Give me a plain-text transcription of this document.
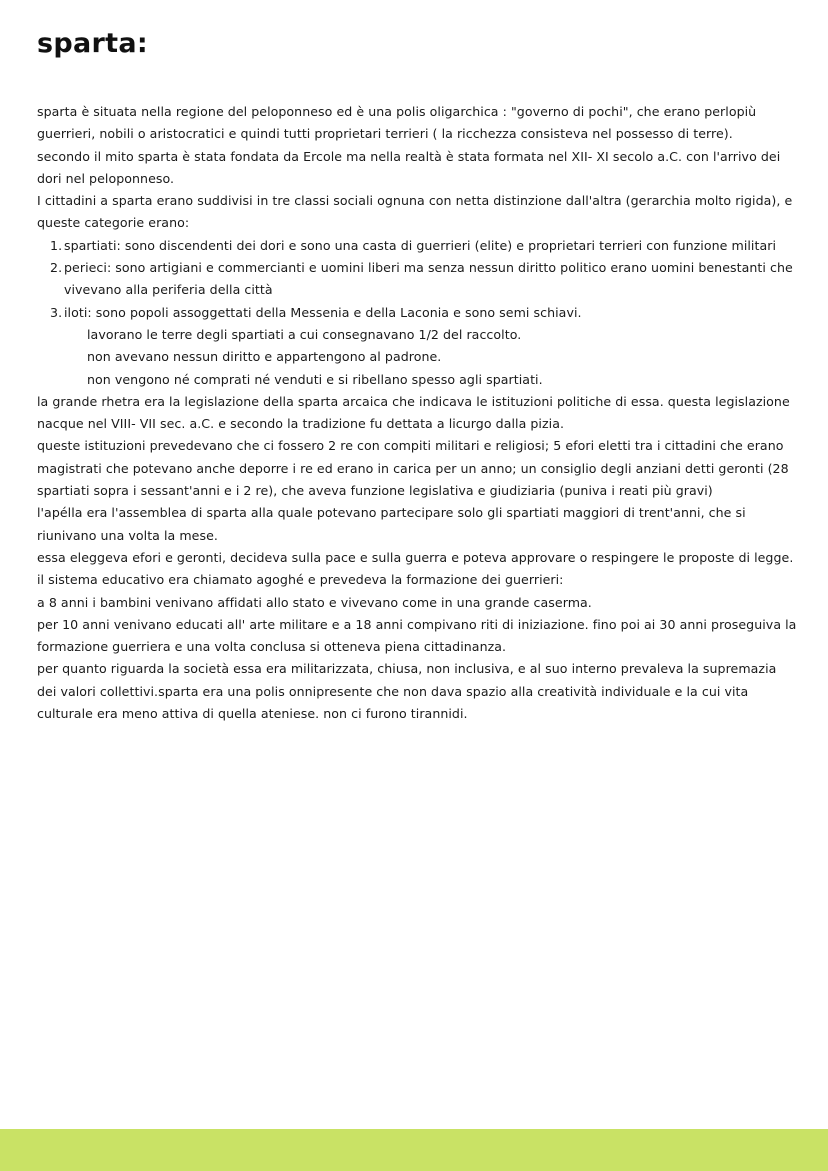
sparta:

sparta è situata nella regione del peloponneso ed è una polis oligarchica : "governo di pochi", che erano perlopiù guerrieri, nobili o aristocratici e quindi tutti proprietari terrieri ( la ricchezza consisteva nel possesso di terre).

secondo il mito sparta è stata fondata da Ercole ma nella realtà è stata formata nel XII- XI secolo a.C. con l'arrivo dei dori nel peloponneso.

I cittadini a sparta erano suddivisi in tre classi sociali ognuna con netta distinzione dall'altra (gerarchia molto rigida), e queste categorie erano:

1. spartiati: sono discendenti dei dori e sono una casta di guerrieri (elite) e proprietari terrieri con funzione militari
2. perieci: sono artigiani e commercianti e uomini liberi ma senza nessun diritto politico erano uomini benestanti che vivevano alla periferia della città
3. iloti: sono popoli assoggettati della Messenia e della Laconia e sono semi schiavi.

lavorano le terre degli spartiati a cui consegnavano 1/2 del raccolto.

non avevano nessun diritto e appartengono al padrone.

non vengono né comprati né venduti e si ribellano spesso agli spartiati.

la grande rhetra era la legislazione della sparta arcaica che indicava le istituzioni politiche di essa. questa legislazione nacque nel VIII- VII sec. a.C. e secondo la tradizione fu dettata a licurgo dalla pizia.

queste istituzioni prevedevano che ci fossero 2 re con compiti militari e religiosi; 5 efori eletti tra i cittadini che erano magistrati che potevano anche deporre i re ed erano in carica per un anno; un consiglio degli anziani detti geronti (28 spartiati sopra i sessant'anni e i 2 re), che aveva funzione legislativa e giudiziaria (puniva i reati più gravi)

l'apélla era l'assemblea di sparta alla quale potevano partecipare solo gli spartiati maggiori di trent'anni, che si riunivano una volta la mese.

essa eleggeva efori e geronti, decideva sulla pace e sulla guerra e poteva approvare o respingere le proposte di legge.

il sistema educativo era chiamato agoghé e prevedeva la formazione dei guerrieri:

a 8 anni i bambini venivano affidati allo stato e vivevano come in una grande caserma.

per 10 anni venivano educati all' arte militare e a 18 anni compivano riti di iniziazione. fino poi ai 30 anni proseguiva la formazione guerriera e una volta conclusa si otteneva piena cittadinanza.

per quanto riguarda la società essa era militarizzata, chiusa, non inclusiva, e al suo interno prevaleva la supremazia dei valori collettivi.sparta era una polis onnipresente che non dava spazio alla creatività individuale e la cui vita culturale era meno attiva di quella ateniese. non ci furono tirannidi.
